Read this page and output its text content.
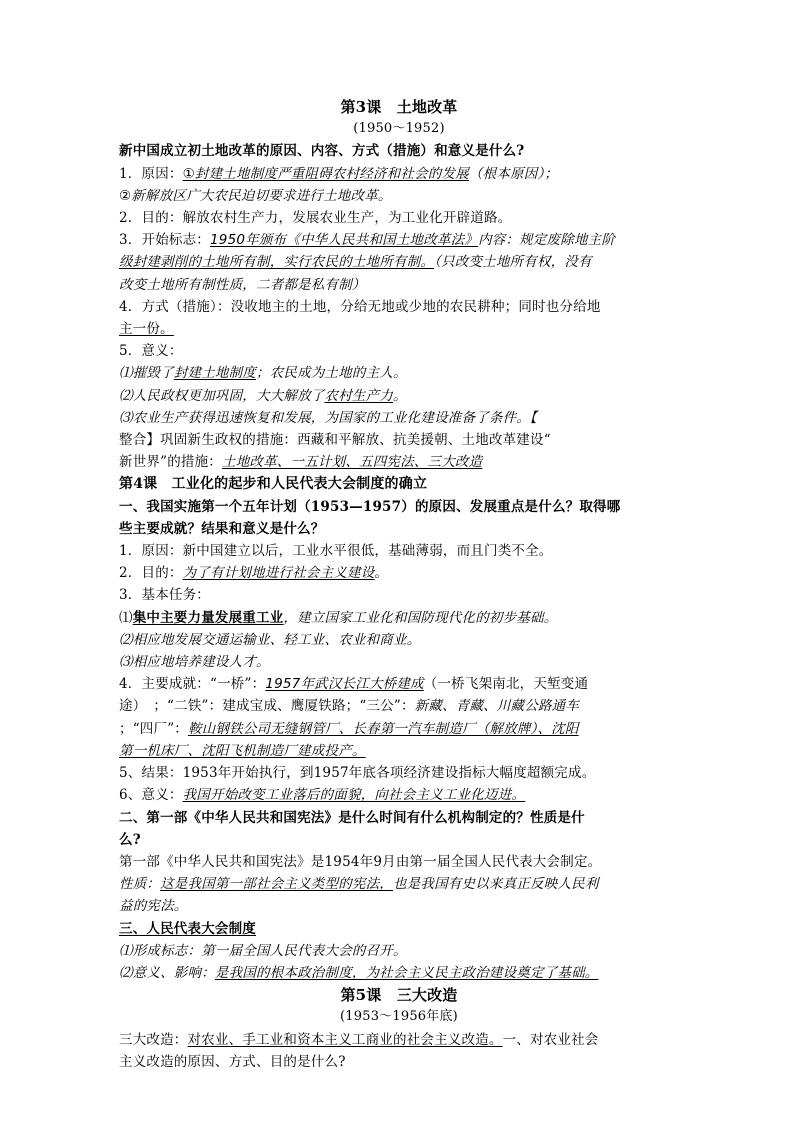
第3课　土地改革
(1950～1952)
新中国成立初土地改革的原因、内容、方式（措施）和意义是什么?
1．原因：①封建土地制度严重阻碍农村经济和社会的发展（根本原因）；
②新解放区广大农民迫切要求进行土地改革。
2．目的：解放农村生产力，发展农业生产，为工业化开辟道路。
3．开始标志：1950年颁布《中华人民共和国土地改革法》内容：规定废除地主阶
级封建剥削的土地所有制，实行农民的土地所有制。（只改变土地所有权，没有
改变土地所有制性质，二者都是私有制）
4．方式（措施）：没收地主的土地，分给无地或少地的农民耕种；同时也分给地
主一份。
5．意义：
⑴摧毁了封建土地制度；农民成为土地的主人。
⑵人民政权更加巩固，大大解放了农村生产力。
⑶农业生产获得迅速恢复和发展，为国家的工业化建设准备了条件。【
整合】巩固新生政权的措施：西藏和平解放、抗美援朝、土地改革建设“
新世界”的措施：土地改革、一五计划、五四宪法、三大改造
第4课　工业化的起步和人民代表大会制度的确立
一、我国实施第一个五年计划（1953—1957）的原因、发展重点是什么？取得哪
些主要成就？结果和意义是什么？
1．原因：新中国建立以后，工业水平很低，基础薄弱，而且门类不全。
2．目的：为了有计划地进行社会主义建设。
3．基本任务：
⑴集中主要力量发展重工业，建立国家工业化和国防现代化的初步基础。
⑵相应地发展交通运输业、轻工业、农业和商业。
⑶相应地培养建设人才。
4．主要成就：“一桥”：1957年武汉长江大桥建成（一桥飞架南北，天堑变通
途）　；“二铁”：建成宝成、鹰厦铁路；“三公”：新藏、青藏、川藏公路通车
；“四厂”：鞍山钢铁公司无缝钢管厂、长春第一汽车制造厂（解放牌）、沈阳
第一机床厂、沈阳飞机制造厂建成投产。
5、结果：1953年开始执行，到1957年底各项经济建设指标大幅度超额完成。
6、意义：我国开始改变工业落后的面貌，向社会主义工业化迈进。
二、第一部《中华人民共和国宪法》是什么时间有什么机构制定的？性质是什
么?
第一部《中华人民共和国宪法》是1954年9月由第一届全国人民代表大会制定。
性质：这是我国第一部社会主义类型的宪法，也是我国有史以来真正反映人民利
益的宪法。
三、人民代表大会制度
⑴形成标志：第一届全国人民代表大会的召开。
⑵意义、影响：是我国的根本政治制度，为社会主义民主政治建设奠定了基础。
第5课　三大改造
(1953～1956年底)
三大改造：对农业、手工业和资本主义工商业的社会主义改造。一、对农业社会
主义改造的原因、方式、目的是什么?
